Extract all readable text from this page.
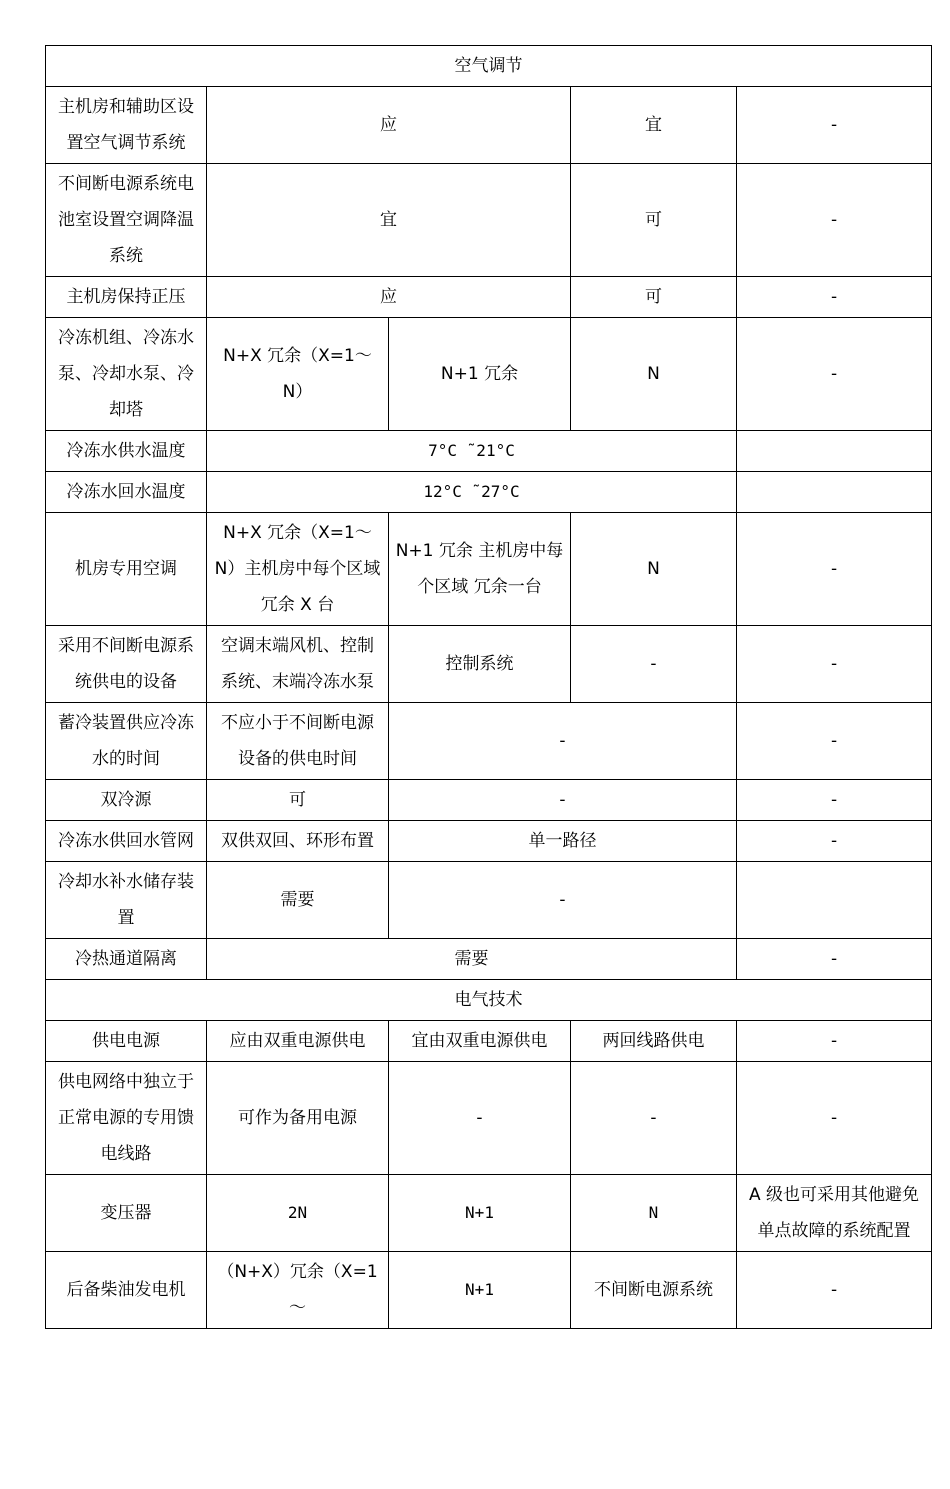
空气调节				
主机房和辅助区设置空气调节系统	应		宜	-
不间断电源系统电池室设置空调降温系统	宜		可	-
主机房保持正压	应		可	-
冷冻机组、冷冻水泵、冷却水泵、冷却塔	N+X 冗余（X=1～N）	N+1 冗余	N	-
冷冻水供水温度	7°C ˜21°C			
冷冻水回水温度	12°C ˜27°C			
机房专用空调	N+X 冗余（X=1～N）主机房中每个区域 冗余 X 台	N+1 冗余 主机房中每个区域 冗余一台	N	-
采用不间断电源系统供电的设备	空调末端风机、控制系统、末端冷冻水泵	控制系统	-	-
蓄冷装置供应冷冻水的时间	不应小于不间断电源设备的供电时间	-		-
双冷源	可	-		-
冷冻水供回水管网	双供双回、环形布置	单一路径		-
冷却水补水储存装置	需要	-		
冷热通道隔离	需要			-
电气技术				
供电电源	应由双重电源供电	宜由双重电源供电	两回线路供电	-
供电网络中独立于正常电源的专用馈电线路	可作为备用电源	-	-	-
变压器	2N	N+1	N	A 级也可采用其他避免单点故障的系统配置
后备柴油发电机	（N+X）冗余（X=1～	N+1	不间断电源系统	-
